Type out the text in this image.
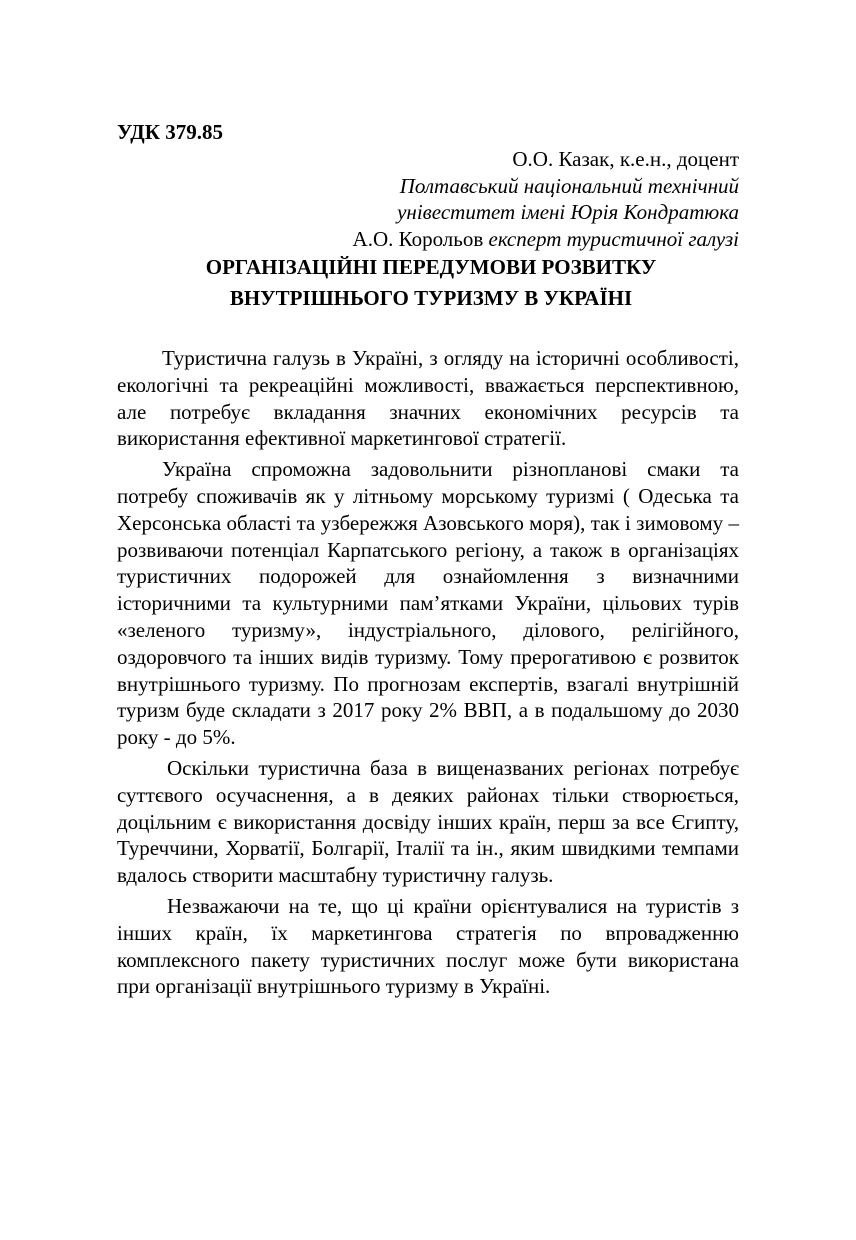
УДК 379.85

О.О. Казак, к.е.н., доцент
Полтавський національний технічний
унівеститет імені Юрія Кондратюка
А.О. Корольов експерт туристичної галузі
ОРГАНІЗАЦІЙНІ ПЕРЕДУМОВИ РОЗВИТКУ
ВНУТРІШНЬОГО ТУРИЗМУ В УКРАЇНІ

Туристична галузь в Україні, з огляду на історичні особливості, екологічні та рекреаційні можливості, вважається перспективною, але потребує вкладання значних економічних ресурсів та використання ефективної маркетингової стратегії.

Україна спроможна задовольнити різнопланові смаки та потребу споживачів як у літньому морському туризмі ( Одеська та Херсонська області та узбережжя Азовського моря), так і зимовому – розвиваючи потенціал Карпатського регіону, а також в організаціях туристичних подорожей для ознайомлення з визначними історичними та культурними пам’ятками України, цільових турів «зеленого туризму», індустріального, ділового, релігійного, оздоровчого та інших видів туризму. Тому прерогативою є розвиток внутрішнього туризму. По прогнозам експертів, взагалі внутрішній туризм буде складати з 2017 року 2% ВВП, а в подальшому до 2030 року - до 5%.

Оскільки туристична база в вищеназваних регіонах потребує суттєвого осучаснення, а в деяких районах тільки створюється, доцільним є використання досвіду інших країн, перш за все Єгипту, Туреччини, Хорватії, Болгарії, Італії та ін., яким швидкими темпами вдалось створити масштабну туристичну галузь.

Незважаючи на те, що ці країни орієнтувалися на туристів з інших країн, їх маркетингова стратегія по впровадженню комплексного пакету туристичних послуг може бути використана при організації внутрішнього туризму в Україні.
